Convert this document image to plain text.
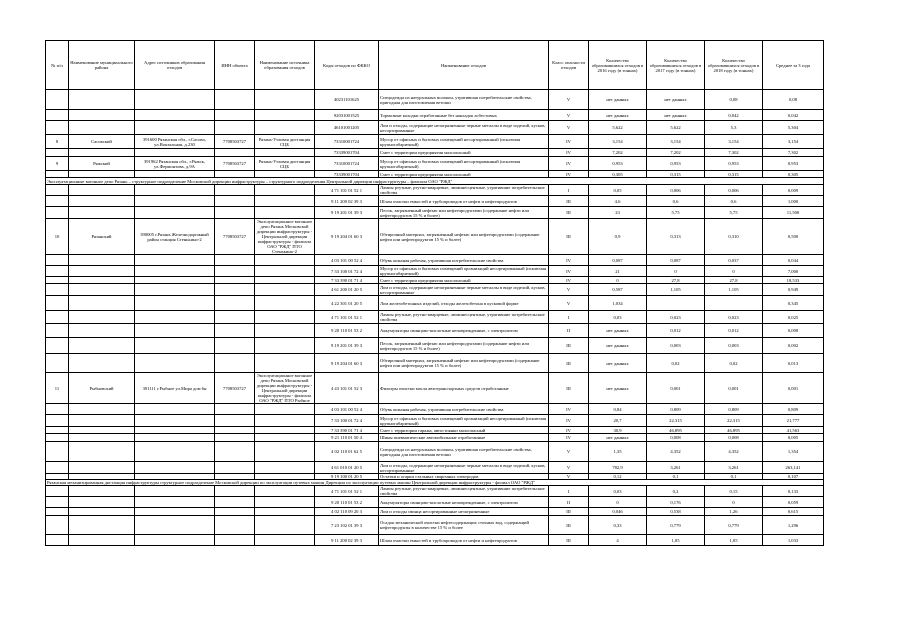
№ п/п	Наименование муниципального района	Адрес источников образования отходов	ИНН объекта	Наименование источника образования отходов	Коды отходов по ФККО	Наименование отходов	Класс опасности отходов	Количество образовавшихся отходов в 2016 году (в тоннах)	Количество образовавшихся отходов в 2017 году (в тоннах)	Количество образовавшихся отходов в 2018 году (в тоннах)	Среднее за 3 года
					40231101625	Спецодежда из натуральных волокон, утратившая потребительские свойства, пригодная для изготовления ветоши	V	нет данных	нет данных	0,08	0,08
					92031001525	Тормозные колодки отработанные без накладок асбестовых	V	нет данных	нет данных	0,042	0,042
					46101001205	Лом и отходы, содержащие незагрязненные черные металлы в виде изделий, кусков, несортированные	V	5,622	5,622	5,3	5,304
8	Сасовский	391600 Рязанская обл., г.Сасово, ул.Вокзальная, д.230	7708503727	Рязань-Узловая дистанция СЦБ	73310001724	Мусор от офисных и бытовых помещений несортированный (исключая крупногабаритный)	IV	3,154	3,154	3,154	3,154
					73339001704	Смет с территории предприятия малоопасный	IV	7,202	7,202	7,302	7,302
9	Ряжский	391962 Рязанская обл., г.Ряжск, ул.Фермонтова, д.9А	7708503727	Рязань-Узловая дистанция СЦБ	73310001724	Мусор от офисных и бытовых помещений несортированный (исключая крупногабаритный)	IV	0,953	0,953	0,953	0,953
					73339001704	Смет с территории предприятия малоопасный	IV	0,305	0,315	0,315	0,305
Эксплуатационные вагонное депо Рязань – структурное подразделение Московской дирекции инфраструктуры – структурного подразделения Центральной дирекции инфраструктуры – филиала ОАО "РЖД"											
					4 71 101 01 52 1	Лампы ртутные, ртутно-кварцевые, люминесцентные, утратившие потребительские свойства	I	0,05	0,006	0,006	0,009
					9 11 200 02 39 3	Шлам очистки емкостей и трубопроводов от нефти и нефтепродуктов	III	4,6	0,6	0,6	1,000
					9 19 201 01 39 3	Песок, загрязненный нефтью или нефтепродуктами (содержание нефти или нефтепродуктов 15 % и более)	III	23	5,75	5,75	11,500
10	Рязанский	390005 г.Рязань Железнодорожный район станция Стенькино-2	7708503727	Эксплуатационное вагонное депо Рязань Московской дирекции инфраструктуры - Центральной дирекции инфраструктуры - филиала ОАО "РЖД" ПТО Стенькино-2	9 19 204 01 60 3	Обтирочный материал, загрязненный нефтью или нефтепродуктами (содержание нефти или нефтепродуктов 15 % и более)	III	0,9	0,313	0,310	0,500
					4 03 101 00 52 4	Обувь кожаная рабочая, утратившая потребительские свойства	IV	0,087	0,087	0,037	0,044
					7 33 100 01 72 4	Мусор от офисных и бытовых помещений организаций несортированный (исключая крупногабаритный)	IV	21	0	0	7,000
					7 33 390 01 71 4	Смет с территории предприятия малоопасный	IV	0	27,8	27,8	18,533
					4 61 200 01 20 5	Лом и отходы, содержащие незагрязненные черные металлы в виде изделий, кусков, несортированные	V	0,587	1,105	1,105	0,949
					4 22 301 01 20 5	Лом железобетонных изделий, отходы железобетона в кусковой форме	V	1,034			0,345
					4 71 101 01 52 1	Лампы ртутные, ртутно-кварцевые, люминесцентные, утратившие потребительские свойства	I	0,03	0,023	0,023	0,025
					9 20 110 01 53 2	Аккумуляторы свинцово-кислотные неповрежденные, с электролитом	II	нет данных	0,012	0,012	0,008
					9 19 201 01 39 3	Песок, загрязненный нефтью или нефтепродуктами (содержание нефти или нефтепродуктов 15 % и более)	III	нет данных	0,003	0,003	0,002
					9 19 204 01 60 3	Обтирочный материал, загрязненный нефтью или нефтепродуктами (содержание нефти или нефтепродуктов 15 % и более)	III	нет данных	0,02	0,02	0,013
11	Рыбновский	391111 г.Рыбное ул.Мира дом 6н	7708503727	Эксплуатационное вагонное депо Рязань Московской дирекции инфраструктуры - Центральной дирекции инфраструктуры - филиала ОАО "РЖД" ПТО Рыбное	4 43 101 01 52 3	Фильтры очистки масла автотранспортных средств отработанные	III	нет данных	0,001	0,001	0,001
					4 03 101 00 52 4	Обувь кожаная рабочая, утратившая потребительские свойства	IV	0,84	0,809	0,809	0,809
					7 33 100 01 72 4	Мусор от офисных и бытовых помещений организаций несортированный (исключая крупногабаритный)	IV	20,7	22,315	22,315	21,777
					7 33 390 01 71 4	Смет с территории гаража, автостоянки малоопасный	IV	30,9	46,895	46,895	41,563
					9 21 110 01 50 4	Шины пневматические автомобильные отработанные	IV	нет данных	0,008	0,008	0,005
					4 02 110 01 62 5	Спецодежда из натуральных волокон, утратившая потребительские свойства, пригодная для изготовления ветоши	V	1,35	4,352	4,352	1,354
					4 61 010 01 20 5	Лом и отходы, содержащие незагрязненные черные металлы в виде изделий, кусков, несортированные	V	782,9	3,261	3,261	263,141
					9 19 100 01 20 5	Остатки и огарки стальных сварочных электродов	V	0,12	0,1	0,1	0,107
Рязанская механизированная дистанция инфраструктуры структурное подразделение Московской дирекции по эксплуатации путевых машин Дирекции по эксплуатации путевых машин Центральной дирекции инфраструктуры - филиал ОАО "РЖД"											
					4 71 101 01 52 1	Лампы ртутные, ртутно-кварцевые, люминесцентные, утратившие потребительские свойства	I	0,03	0,2	0,15	0,133
					9 20 110 01 53 2	Аккумуляторы свинцово-кислотные неповрежденные, с электролитом	II	0	0,176	0	0,059
					4 02 110 09 20 3	Лом и отходы свинца несортированные незагрязненные	III	0,046	0,538	1,26	0,615
					7 23 102 01 39 3	Осадок механической очистки нефтесодержащих сточных вод, содержащий нефтепродукты в количестве 15 % и более	III	0,33	0,779	0,779	1,296
					9 11 200 02 39 3	Шлам очистки емкостей и трубопроводов от нефти и нефтепродуктов	III	4	1,05	1,05	1,033
